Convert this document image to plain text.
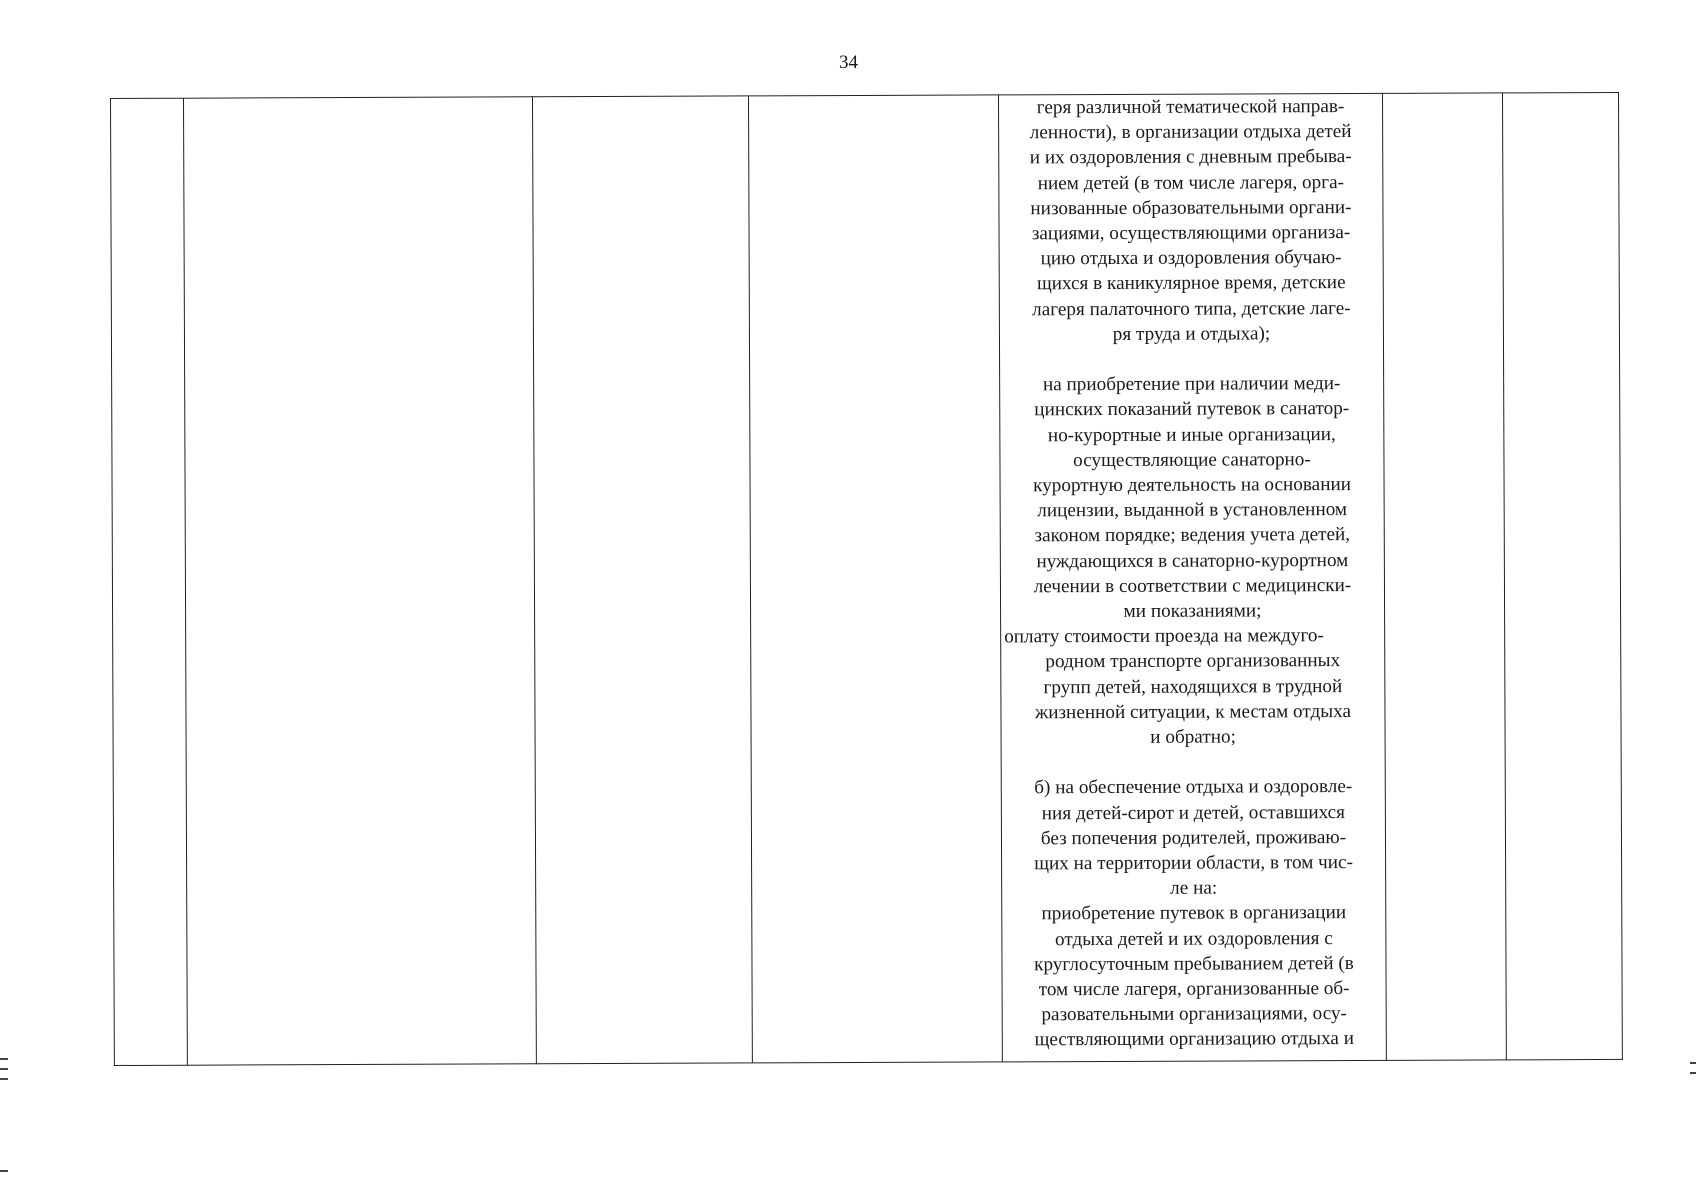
34

геря различной тематической направ-
ленности), в организации отдыха детей
и их оздоровления с дневным пребыва-
нием детей (в том числе лагеря, орга-
низованные образовательными органи-
зациями, осуществляющими организа-
цию отдыха и оздоровления обучаю-
щихся в каникулярное время, детские
лагеря палаточного типа, детские лаге-
ря труда и отдыха);
на приобретение при наличии меди-
цинских показаний путевок в санатор-
но-курортные и иные организации,
осуществляющие санаторно-
курортную деятельность на основании
лицензии, выданной в установленном
законом порядке; ведения учета детей,
нуждающихся в санаторно-курортном
лечении в соответствии с медицински-
ми показаниями;
оплату стоимости проезда на междуго-
родном транспорте организованных
групп детей, находящихся в трудной
жизненной ситуации, к местам отдыха
и обратно;
б) на обеспечение отдыха и оздоровле-
ния детей-сирот и детей, оставшихся
без попечения родителей, проживаю-
щих на территории области, в том чис-
ле на:
приобретение путевок в организации
отдыха детей и их оздоровления с
круглосуточным пребыванием детей (в
том числе лагеря, организованные об-
разовательными организациями, осу-
ществляющими организацию отдыха и
